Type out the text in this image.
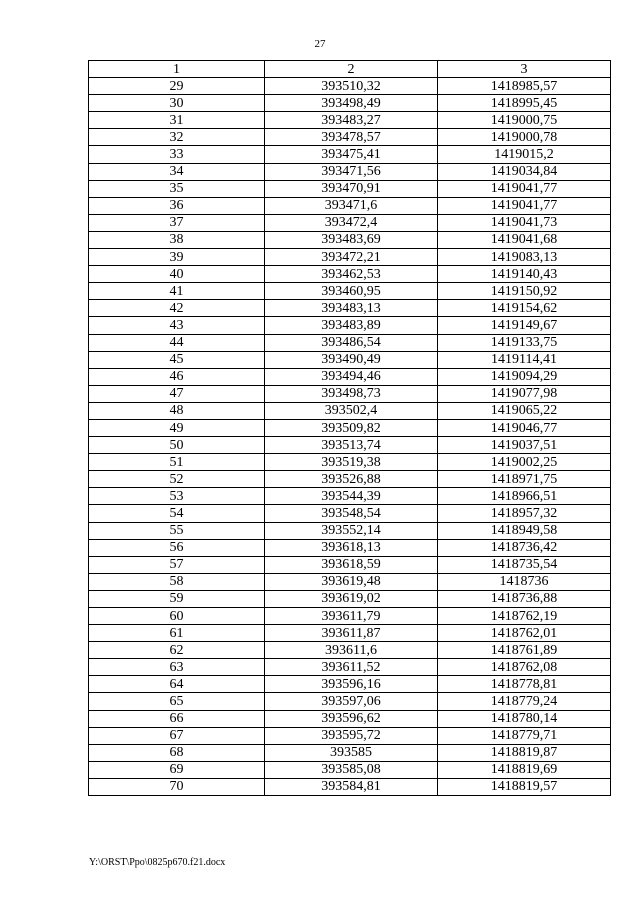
27
1	2	3
29	393510,32	1418985,57
30	393498,49	1418995,45
31	393483,27	1419000,75
32	393478,57	1419000,78
33	393475,41	1419015,2
34	393471,56	1419034,84
35	393470,91	1419041,77
36	393471,6	1419041,77
37	393472,4	1419041,73
38	393483,69	1419041,68
39	393472,21	1419083,13
40	393462,53	1419140,43
41	393460,95	1419150,92
42	393483,13	1419154,62
43	393483,89	1419149,67
44	393486,54	1419133,75
45	393490,49	1419114,41
46	393494,46	1419094,29
47	393498,73	1419077,98
48	393502,4	1419065,22
49	393509,82	1419046,77
50	393513,74	1419037,51
51	393519,38	1419002,25
52	393526,88	1418971,75
53	393544,39	1418966,51
54	393548,54	1418957,32
55	393552,14	1418949,58
56	393618,13	1418736,42
57	393618,59	1418735,54
58	393619,48	1418736
59	393619,02	1418736,88
60	393611,79	1418762,19
61	393611,87	1418762,01
62	393611,6	1418761,89
63	393611,52	1418762,08
64	393596,16	1418778,81
65	393597,06	1418779,24
66	393596,62	1418780,14
67	393595,72	1418779,71
68	393585	1418819,87
69	393585,08	1418819,69
70	393584,81	1418819,57
Y:\ORST\Ppo\0825p670.f21.docx
